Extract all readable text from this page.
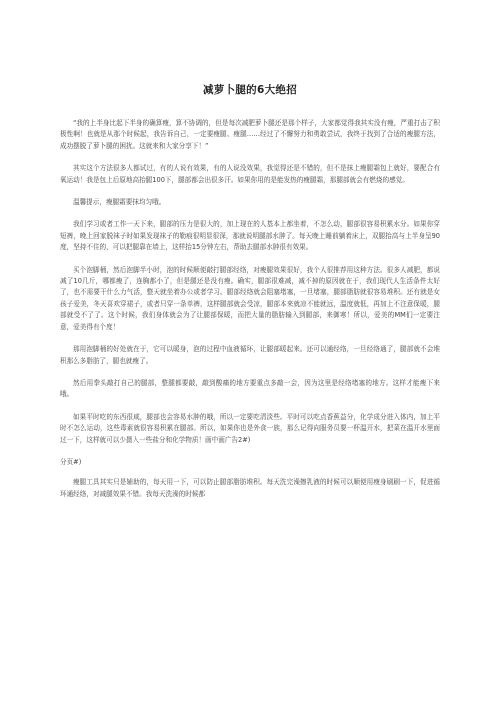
减萝卜腿的6大绝招

“我的上半身比起下半身的确算瘦，算不协调的，但是每次减肥萝卜腿还是那个样子，大家都觉得我其实没有瘦，严重打击了积极性啊！也就是从那个时候起，我告诉自己，一定要瘦腿、瘦腿……经过了不懈努力和勇敢尝试，我终于找到了合适的瘦腿方法，成功摆脱了萝卜腿的困扰。这就来和大家分享下！”

其实这个方法很多人都试过，有的人说有效果，有的人说没效果，我觉得还是不错的，但不是抹上瘦腿霜包上就好，要配合有氧运动！我是包上后原地高抬腿100下，腿部都会出很多汗。如果你用的是能发热的瘦腿霜，那腿部就会有燃烧的感觉。

温馨提示，瘦腿霜要抹均匀哦。

我们学习或者工作一天下来，腿部的压力是很大的，加上现在的人基本上都坐着，不怎么动，腿部很容易积累水分。如果你穿短裤，晚上回家脱袜子时如果发现袜子的勒痕很明显很深，那就说明腿部水肿了。每天晚上睡前躺着床上，双腿抬高与上半身呈90度，坚持不住的，可以把腿靠在墙上，这样抬15分钟左右，帮助去腿部水肿很有效果。

买个泡脚桶，然后泡脚半小时，泡的时候顺便敲打腿部经络，对瘦腿效果很好，我个人很推荐用这种方法。很多人减肥，都说减了10几斤，哪都瘦了，连胸都小了，但是腿还是没有瘦。确实，腿部很难减，减不掉的原因就在于，我们现代人生活条件太好了，也不需要干什么力气活，整天就坐着办公或者学习。腿部经络就会阻塞堵塞，一旦堵塞，腿部脂肪就很容易堆积。还有就是女孩子爱美，冬天喜欢穿裙子，或者只穿一条单裤，这样腿部就会受凉，腿部本来就凉不能就远，温度就低，再加上不注意保暖，腿部就受不了了。这个时候，我们身体就会为了让腿部保暖，而把大量的脂肪输入到腿部，来御寒！所以，爱美的MM们一定要注意，爱美得有个度！

那用泡脚桶的好处就在于，它可以暖身，泡的过程中血液循环，让腿部暖起来。还可以通经络，一旦经络通了，腿部就不会堆积那么多脂肪了，腿也就瘦了。

然后用拳头敲打自己的腿部，整腿都要敲，敲到酸痛的地方要重点多敲一会，因为这里是经络堵塞的地方。这样才能瘦下来哦。

如果平时吃的东西很咸，腿部也会容易水肿的哦，所以一定要吃清淡些。平时可以吃点香蕉益分，化学成分进入体内，加上平时不怎么运动，这些毒素就很容易积累在腿部。所以，如果你也是外食一族，那么记得向服务员要一杯温开水，把菜在温开水里面过一下，这样就可以少摄入一些盐分和化学物质！画中画广告2#)

分页#)

瘦腿工具其实只是辅助的，每天用一下，可以防止腿部脂肪堆积。每天洗完澡擦乳液的时候可以顺便用瘦身刷刷一下，促进循环通经络，对减腿效果不错。我每天洗澡的时候都
